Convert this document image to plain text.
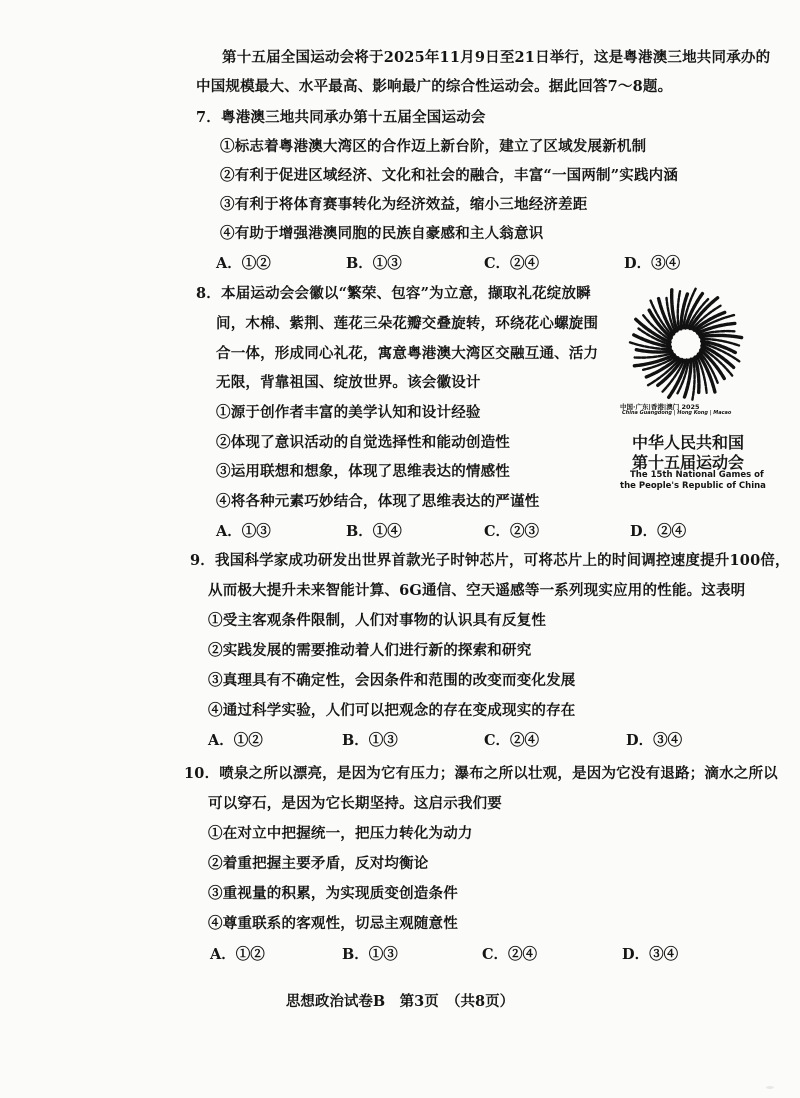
第十五届全国运动会将于2025年11月9日至21日举行，这是粤港澳三地共同承办的
中国规模最大、水平最高、影响最广的综合性运动会。据此回答7～8题。
7．粤港澳三地共同承办第十五届全国运动会
①标志着粤港澳大湾区的合作迈上新台阶，建立了区域发展新机制
②有利于促进区域经济、文化和社会的融合，丰富“一国两制”实践内涵
③有利于将体育赛事转化为经济效益，缩小三地经济差距
④有助于增强港澳同胞的民族自豪感和主人翁意识
A．①②	B．①③	C．②④	D．③④
8．本届运动会会徽以“繁荣、包容”为立意，撷取礼花绽放瞬
间，木棉、紫荆、莲花三朵花瓣交叠旋转，环绕花心螺旋围
合一体，形成同心礼花，寓意粤港澳大湾区交融互通、活力
无限，背靠祖国、绽放世界。该会徽设计
①源于创作者丰富的美学认知和设计经验
②体现了意识活动的自觉选择性和能动创造性
③运用联想和想象，体现了思维表达的情感性
④将各种元素巧妙结合，体现了思维表达的严谨性
A．①③	B．①④	C．②③	D．②④
中国·广东|香港|澳门 2025
China Guangdong | Hong Kong | Macao
中华人民共和国
第十五届运动会
The 15th National Games of
the People's Republic of China
9．我国科学家成功研发出世界首款光子时钟芯片，可将芯片上的时间调控速度提升100倍，
从而极大提升未来智能计算、6G通信、空天遥感等一系列现实应用的性能。这表明
①受主客观条件限制，人们对事物的认识具有反复性
②实践发展的需要推动着人们进行新的探索和研究
③真理具有不确定性，会因条件和范围的改变而变化发展
④通过科学实验，人们可以把观念的存在变成现实的存在
A．①②	B．①③	C．②④	D．③④
10．喷泉之所以漂亮，是因为它有压力；瀑布之所以壮观，是因为它没有退路；滴水之所以
可以穿石，是因为它长期坚持。这启示我们要
①在对立中把握统一，把压力转化为动力
②着重把握主要矛盾，反对均衡论
③重视量的积累，为实现质变创造条件
④尊重联系的客观性，切忌主观随意性
A．①②	B．①③	C．②④	D．③④
思想政治试卷B　第3页　（共8页）
